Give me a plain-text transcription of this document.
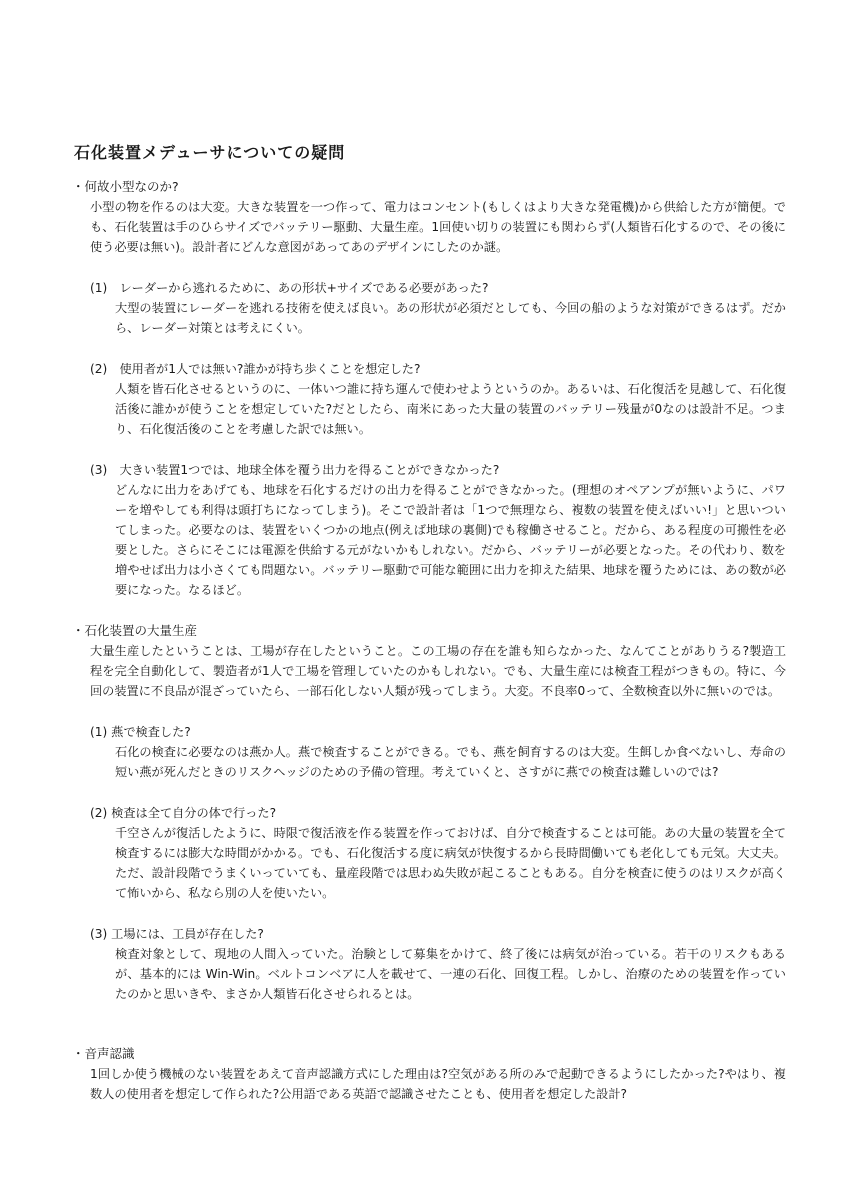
石化装置メデューサについての疑問

・何故小型なのか?

小型の物を作るのは大変。大きな装置を一つ作って、電力はコンセント(もしくはより大きな発電機)から供給した方が簡便。でも、石化装置は手のひらサイズでバッテリー駆動、大量生産。1回使い切りの装置にも関わらず(人類皆石化するので、その後に使う必要は無い)。設計者にどんな意図があってあのデザインにしたのか謎。

(1)　レーダーから逃れるために、あの形状+サイズである必要があった?

大型の装置にレーダーを逃れる技術を使えば良い。あの形状が必須だとしても、今回の船のような対策ができるはず。だから、レーダー対策とは考えにくい。

(2)　使用者が1人では無い?誰かが持ち歩くことを想定した?

人類を皆石化させるというのに、一体いつ誰に持ち運んで使わせようというのか。あるいは、石化復活を見越して、石化復活後に誰かが使うことを想定していた?だとしたら、南米にあった大量の装置のバッテリー残量が0なのは設計不足。つまり、石化復活後のことを考慮した訳では無い。

(3)　大きい装置1つでは、地球全体を覆う出力を得ることができなかった?

どんなに出力をあげても、地球を石化するだけの出力を得ることができなかった。(理想のオペアンプが無いように、パワーを増やしても利得は頭打ちになってしまう)。そこで設計者は「1つで無理なら、複数の装置を使えばいい!」と思いついてしまった。必要なのは、装置をいくつかの地点(例えば地球の裏側)でも稼働させること。だから、ある程度の可搬性を必要とした。さらにそこには電源を供給する元がないかもしれない。だから、バッテリーが必要となった。その代わり、数を増やせば出力は小さくても問題ない。バッテリー駆動で可能な範囲に出力を抑えた結果、地球を覆うためには、あの数が必要になった。なるほど。

・石化装置の大量生産

大量生産したということは、工場が存在したということ。この工場の存在を誰も知らなかった、なんてことがありうる?製造工程を完全自動化して、製造者が1人で工場を管理していたのかもしれない。でも、大量生産には検査工程がつきもの。特に、今回の装置に不良品が混ざっていたら、一部石化しない人類が残ってしまう。大変。不良率0って、全数検査以外に無いのでは。

(1) 燕で検査した?

石化の検査に必要なのは燕か人。燕で検査することができる。でも、燕を飼育するのは大変。生餌しか食べないし、寿命の短い燕が死んだときのリスクヘッジのための予備の管理。考えていくと、さすがに燕での検査は難しいのでは?

(2) 検査は全て自分の体で行った?

千空さんが復活したように、時限で復活液を作る装置を作っておけば、自分で検査することは可能。あの大量の装置を全て検査するには膨大な時間がかかる。でも、石化復活する度に病気が快復するから長時間働いても老化しても元気。大丈夫。ただ、設計段階でうまくいっていても、量産段階では思わぬ失敗が起こることもある。自分を検査に使うのはリスクが高くて怖いから、私なら別の人を使いたい。

(3) 工場には、工員が存在した?

検査対象として、現地の人間入っていた。治験として募集をかけて、終了後には病気が治っている。若干のリスクもあるが、基本的には Win-Win。ベルトコンベアに人を載せて、一連の石化、回復工程。しかし、治療のための装置を作っていたのかと思いきや、まさか人類皆石化させられるとは。

・音声認識

1回しか使う機械のない装置をあえて音声認識方式にした理由は?空気がある所のみで起動できるようにしたかった?やはり、複数人の使用者を想定して作られた?公用語である英語で認識させたことも、使用者を想定した設計?
